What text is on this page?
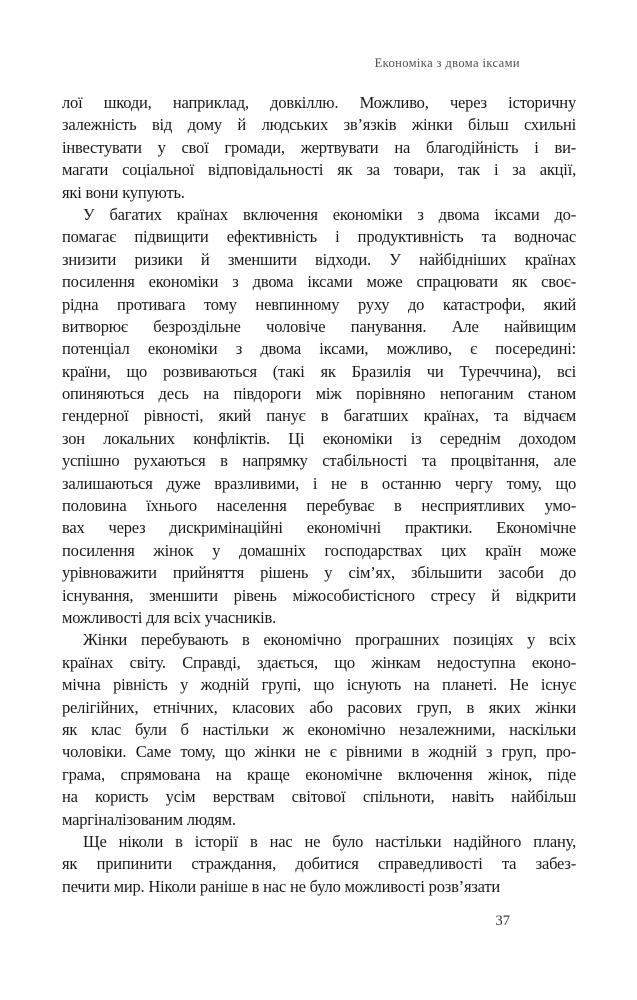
Економіка з двома іксами
лої шкоди, наприклад, довкіллю. Можливо, через історичну
залежність від дому й людських зв’язків жінки більш схильні
інвестувати у свої громади, жертвувати на благодійність і ви-
магати соціальної відповідальності як за товари, так і за акції,
які вони купують.
У багатих країнах включення економіки з двома іксами до-
помагає підвищити ефективність і продуктивність та водночас
знизити ризики й зменшити відходи. У найбідніших країнах
посилення економіки з двома іксами може спрацювати як своє-
рідна противага тому невпинному руху до катастрофи, який
витворює безроздільне чоловіче панування. Але найвищим
потенціал економіки з двома іксами, можливо, є посередині:
країни, що розвиваються (такі як Бразилія чи Туреччина), всі
опиняються десь на півдороги між порівняно непоганим станом
гендерної рівності, який панує в багатших країнах, та відчаєм
зон локальних конфліктів. Ці економіки із середнім доходом
успішно рухаються в напрямку стабільності та процвітання, але
залишаються дуже вразливими, і не в останню чергу тому, що
половина їхнього населення перебуває в несприятливих умо-
вах через дискримінаційні економічні практики. Економічне
посилення жінок у домашніх господарствах цих країн може
урівноважити прийняття рішень у сім’ях, збільшити засоби до
існування, зменшити рівень міжособистісного стресу й відкрити
можливості для всіх учасників.
Жінки перебувають в економічно програшних позиціях у всіх
країнах світу. Справді, здається, що жінкам недоступна еконо-
мічна рівність у жодній групі, що існують на планеті. Не існує
релігійних, етнічних, класових або расових груп, в яких жінки
як клас були б настільки ж економічно незалежними, наскільки
чоловіки. Саме тому, що жінки не є рівними в жодній з груп, про-
грама, спрямована на краще економічне включення жінок, піде
на користь усім верствам світової спільноти, навіть найбільш
маргіналізованим людям.
Ще ніколи в історії в нас не було настільки надійного плану,
як припинити страждання, добитися справедливості та забез-
печити мир. Ніколи раніше в нас не було можливості розв’язати
37
